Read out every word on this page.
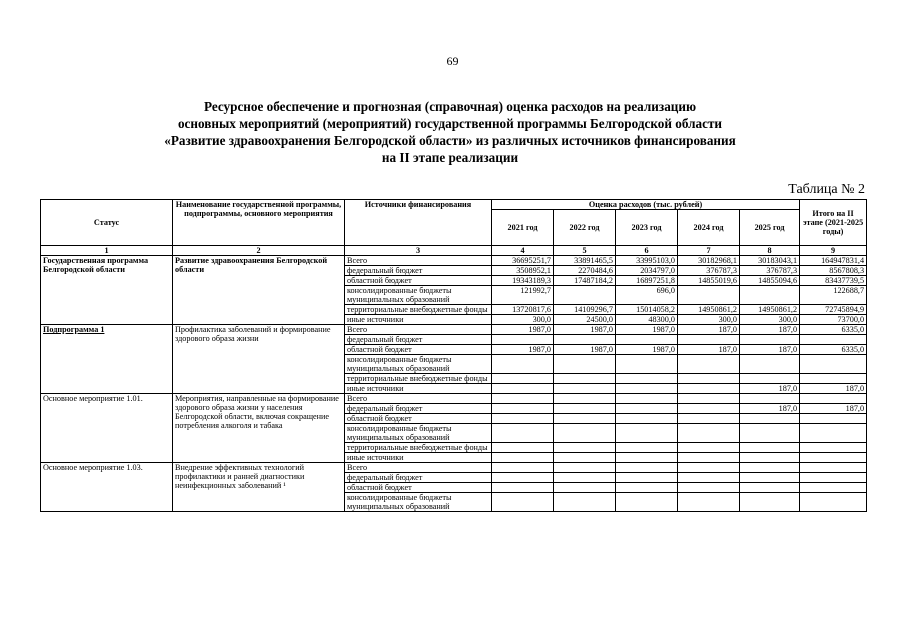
69
Ресурсное обеспечение и прогнозная (справочная) оценка расходов на реализацию
основных мероприятий (мероприятий) государственной программы Белгородской области
«Развитие здравоохранения Белгородской области» из различных источников финансирования
на II этапе реализации
Таблица № 2
Статус	Наименование государственной программы, подпрограммы, основного мероприятия	Источники финансирования	Оценка расходов (тыс. рублей)					Итого на II этапе (2021-2025 годы)
			2021 год	2022 год	2023 год	2024 год	2025 год	
1	2	3	4	5	6	7	8	9
Государственная программа Белгородской области	Развитие здравоохранения Белгородской области	Всего	36695251,7	33891465,5	33995103,0	30182968,1	30183043,1	164947831,4
		федеральный бюджет	3508952,1	2270484,6	2034797,0	376787,3	376787,3	8567808,3
		областной бюджет	19343189,3	17487184,2	16897251,8	14855019,6	14855094,6	83437739,5
		консолидированные бюджеты муниципальных образований	121992,7		696,0			122688,7
		территориальные внебюджетные фонды	13720817,6	14109296,7	15014058,2	14950861,2	14950861,2	72745894,9
		иные источники	300,0	24500,0	48300,0	300,0	300,0	73700,0
Подпрограмма 1	Профилактика заболеваний и формирование здорового образа жизни	Всего	1987,0	1987,0	1987,0	187,0	187,0	6335,0
		федеральный бюджет						
		областной бюджет	1987,0	1987,0	1987,0	187,0	187,0	6335,0
		консолидированные бюджеты муниципальных образований						
		территориальные внебюджетные фонды						
		иные источники					187,0	187,0
Основное мероприятие 1.01.	Мероприятия, направленные на формирование здорового образа жизни у населения Белгородской области, включая сокращение потребления алкоголя и табака	Всего						
		федеральный бюджет					187,0	187,0
		областной бюджет						
		консолидированные бюджеты муниципальных образований						
		территориальные внебюджетные фонды						
		иные источники						
Основное мероприятие 1.03.	Внедрение эффективных технологий профилактики и ранней диагностики неинфекционных заболеваний ¹	Всего						
		федеральный бюджет						
		областной бюджет						
		консолидированные бюджеты муниципальных образований						
